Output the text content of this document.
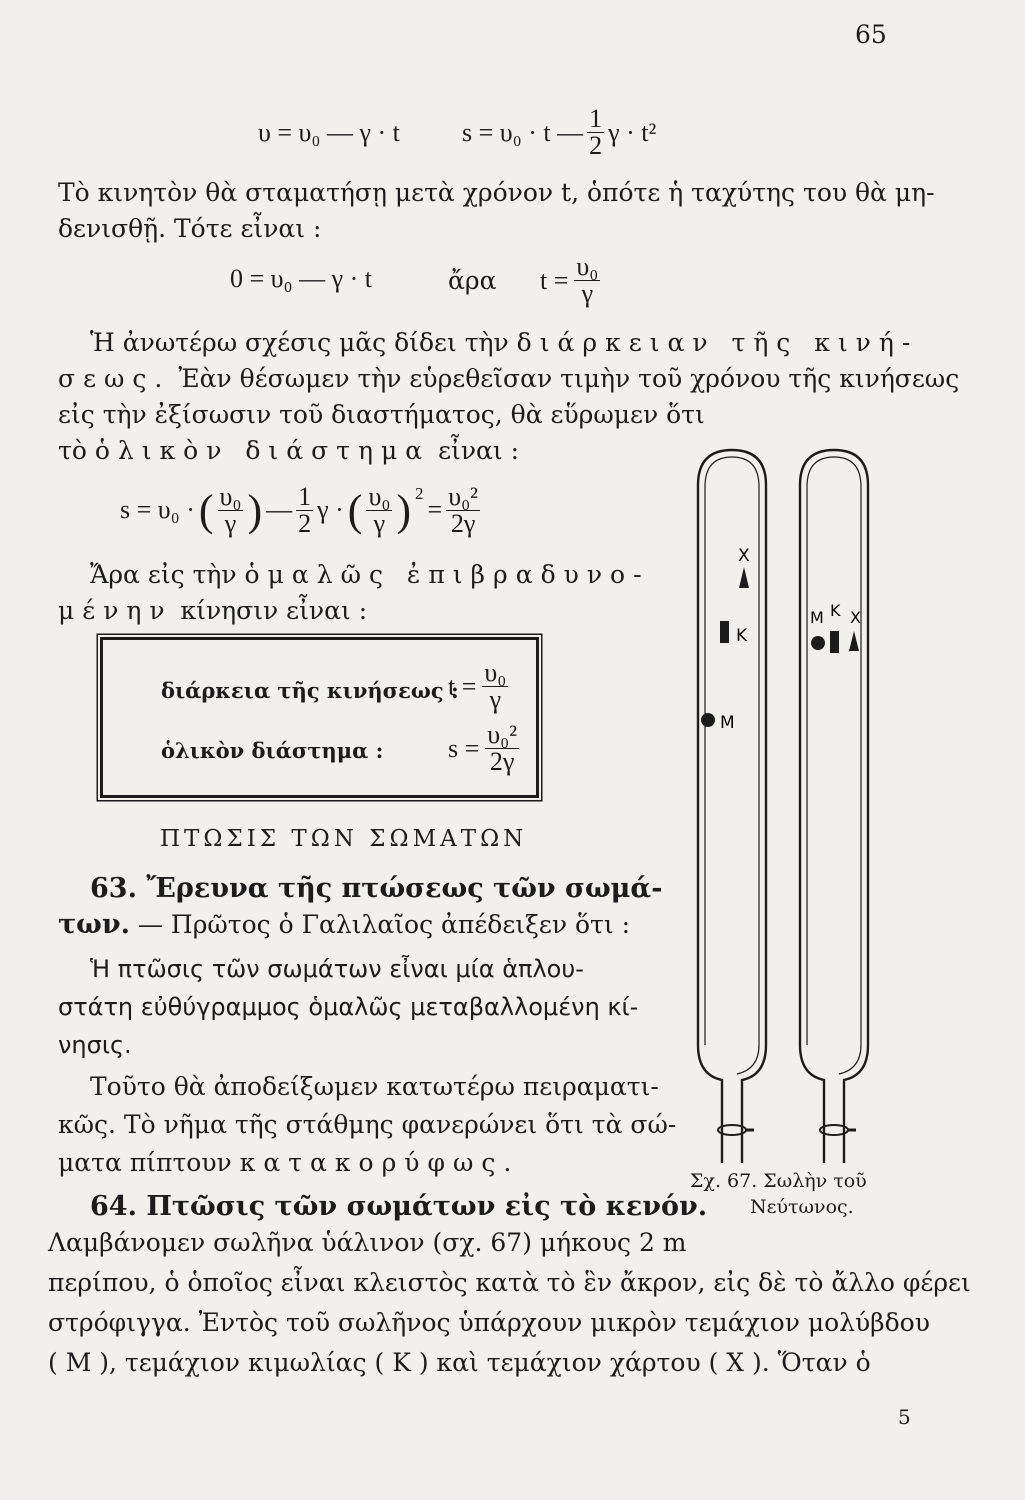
65
υ = υ₀ — γ · t s = υ₀ · t — $\frac{1}{2}$ γ · t²
Τὸ κινητὸν θὰ σταματήσῃ μετὰ χρόνον t, ὁπότε ἡ ταχύτης του θὰ μη-
δενισθῇ. Τότε εἶναι :
0 = υ₀ — γ · t	ἄρα $t = \frac{\text{υ₀}}{\gamma}$
Ἡ ἀνωτέρω σχέσις μᾶς δίδει τὴν διάρκειαν τῆς κινή-
σεως. Ἐὰν θέσωμεν τὴν εὑρεθεῖσαν τιμὴν τοῦ χρόνου τῆς κινήσεως
εἰς τὴν ἐξίσωσιν τοῦ διαστήματος, θὰ εὕρωμεν ὅτι
τὸ ὁλικὸν διάστημα εἶναι :
s = υ₀ · ( $\frac{\text{υ₀}}{\gamma}$ ) — $\frac{1}{2}$ γ · ( $\frac{\text{υ₀}}{\gamma} )^2$
= $\frac{\text{υ₀²}}{2\gamma}$
Ἄρα εἰς τὴν ὁμαλῶς ἐπιβραδυνο-
μένην κίνησιν εἶναι :
διάρκεια τῆς κινήσεως :
$t = \frac{\text{υ₀}}{\gamma}$
ὁλικὸν διάστημα : $s = \frac{\text{υ₀²}}{2\gamma}$
ΠΤΩΣΙΣ ΤΩΝ ΣΩΜΑΤΩΝ
63. Ἔρευνα τῆς πτώσεως τῶν σωμά-
των. — Πρῶτος ὁ Γαλιλαῖος ἀπέδειξεν ὅτι :
Ἡ πτῶσις τῶν σωμάτων εἶναι μία ἁπλου-
στάτη εὐθύγραμμος ὁμαλῶς μεταβαλλομένη κί-
νησις.
Τοῦτο θὰ ἀποδείξωμεν κατωτέρω πειραματι-
κῶς. Τὸ νῆμα τῆς στάθμης φανερώνει ὅτι τὰ σώ-
ματα πίπτουν κατακορύφως.
64. Πτῶσις τῶν σωμάτων εἰς τὸ κενόν.
Λαμβάνομεν σωλῆνα ὑάλινον (σχ. 67) μήκους 2 m
περίπου, ὁ ὁποῖος εἶναι κλειστὸς κατὰ τὸ ἓν ἄκρον, εἰς δὲ τὸ ἄλλο φέρει
στρόφιγγα. Ἐντὸς τοῦ σωλῆνος ὑπάρχουν μικρὸν τεμάχιον μολύβδου
( Μ ), τεμάχιον κιμωλίας ( Κ ) καὶ τεμάχιον χάρτου ( Χ ). Ὅταν ὁ
5
X
K
M
M K X
Σχ. 67. Σωλὴν τοῦ
Νεύτωνος.
